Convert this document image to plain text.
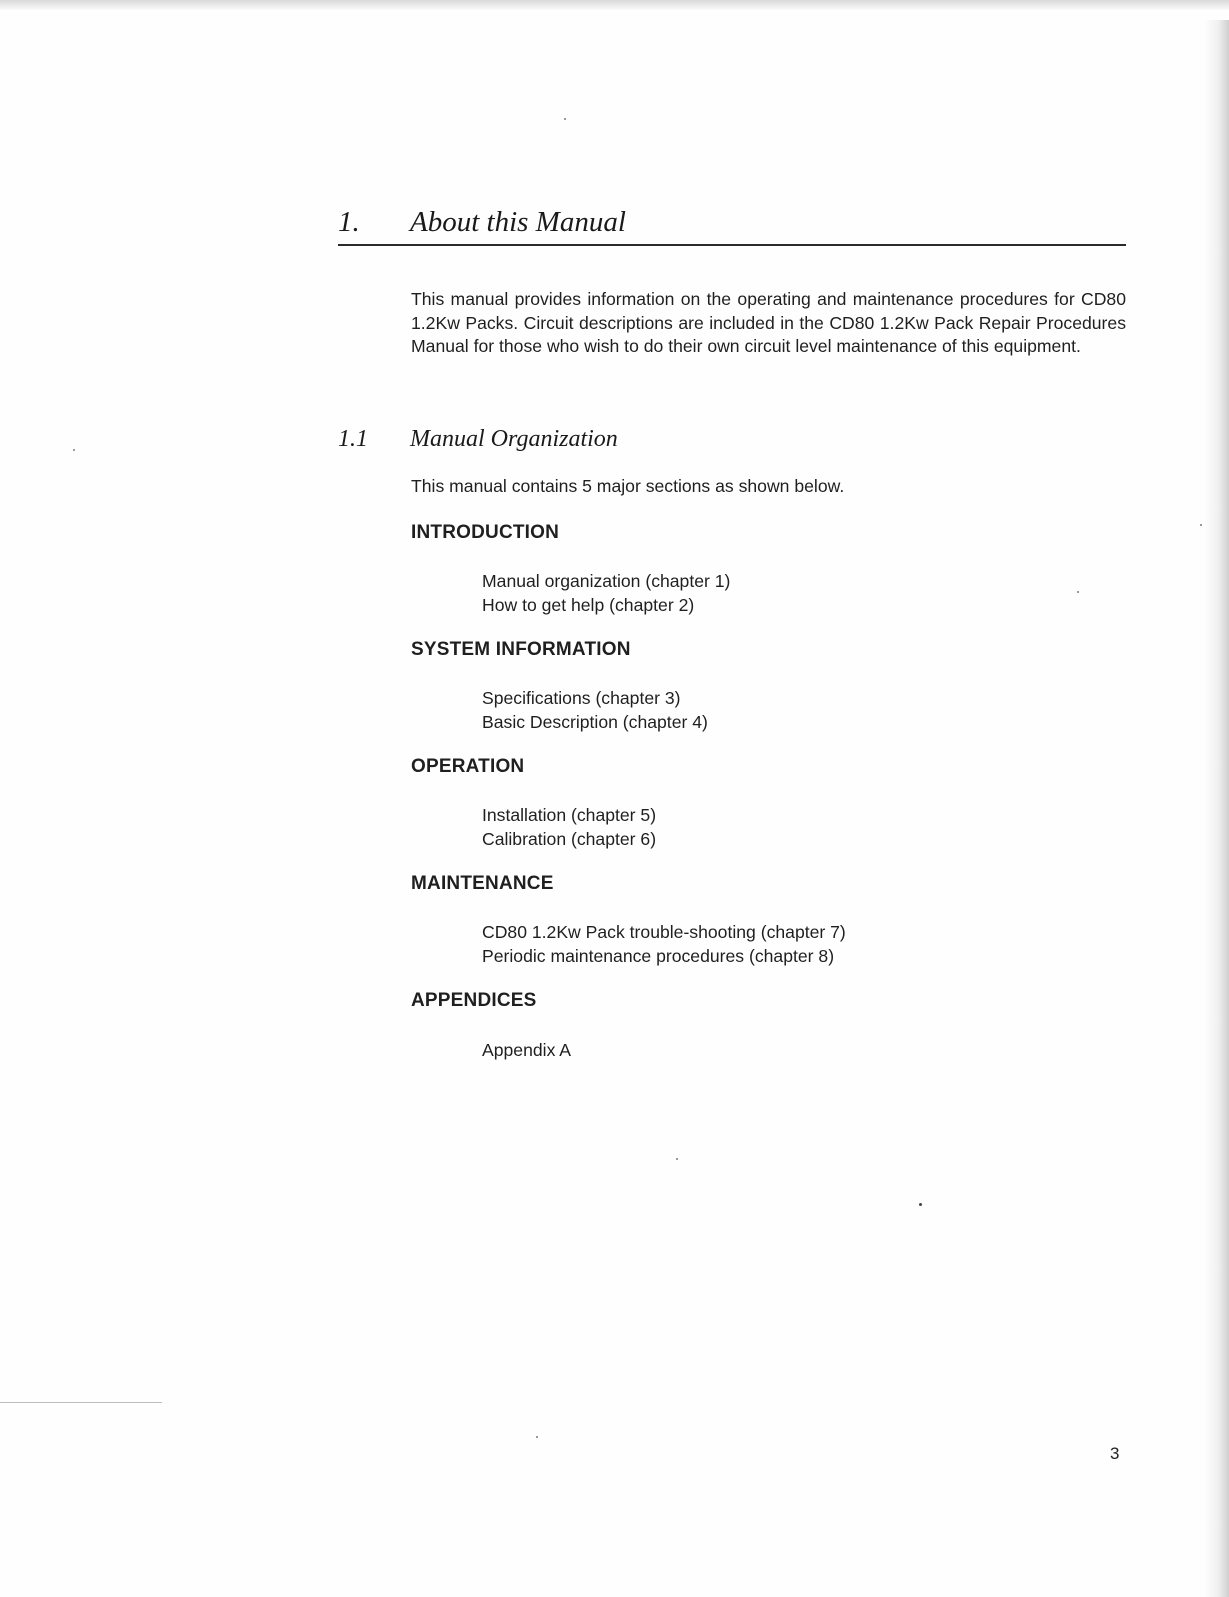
1. About this Manual

This manual provides information on the operating and maintenance procedures for CD80 1.2Kw Packs. Circuit descriptions are included in the CD80 1.2Kw Pack Repair Procedures Manual for those who wish to do their own circuit level maintenance of this equipment.

1.1 Manual Organization

This manual contains 5 major sections as shown below.

INTRODUCTION
Manual organization (chapter 1)
How to get help (chapter 2)
SYSTEM INFORMATION
Specifications (chapter 3)
Basic Description (chapter 4)
OPERATION
Installation (chapter 5)
Calibration (chapter 6)
MAINTENANCE
CD80 1.2Kw Pack trouble-shooting (chapter 7)
Periodic maintenance procedures (chapter 8)
APPENDICES
Appendix A
3
